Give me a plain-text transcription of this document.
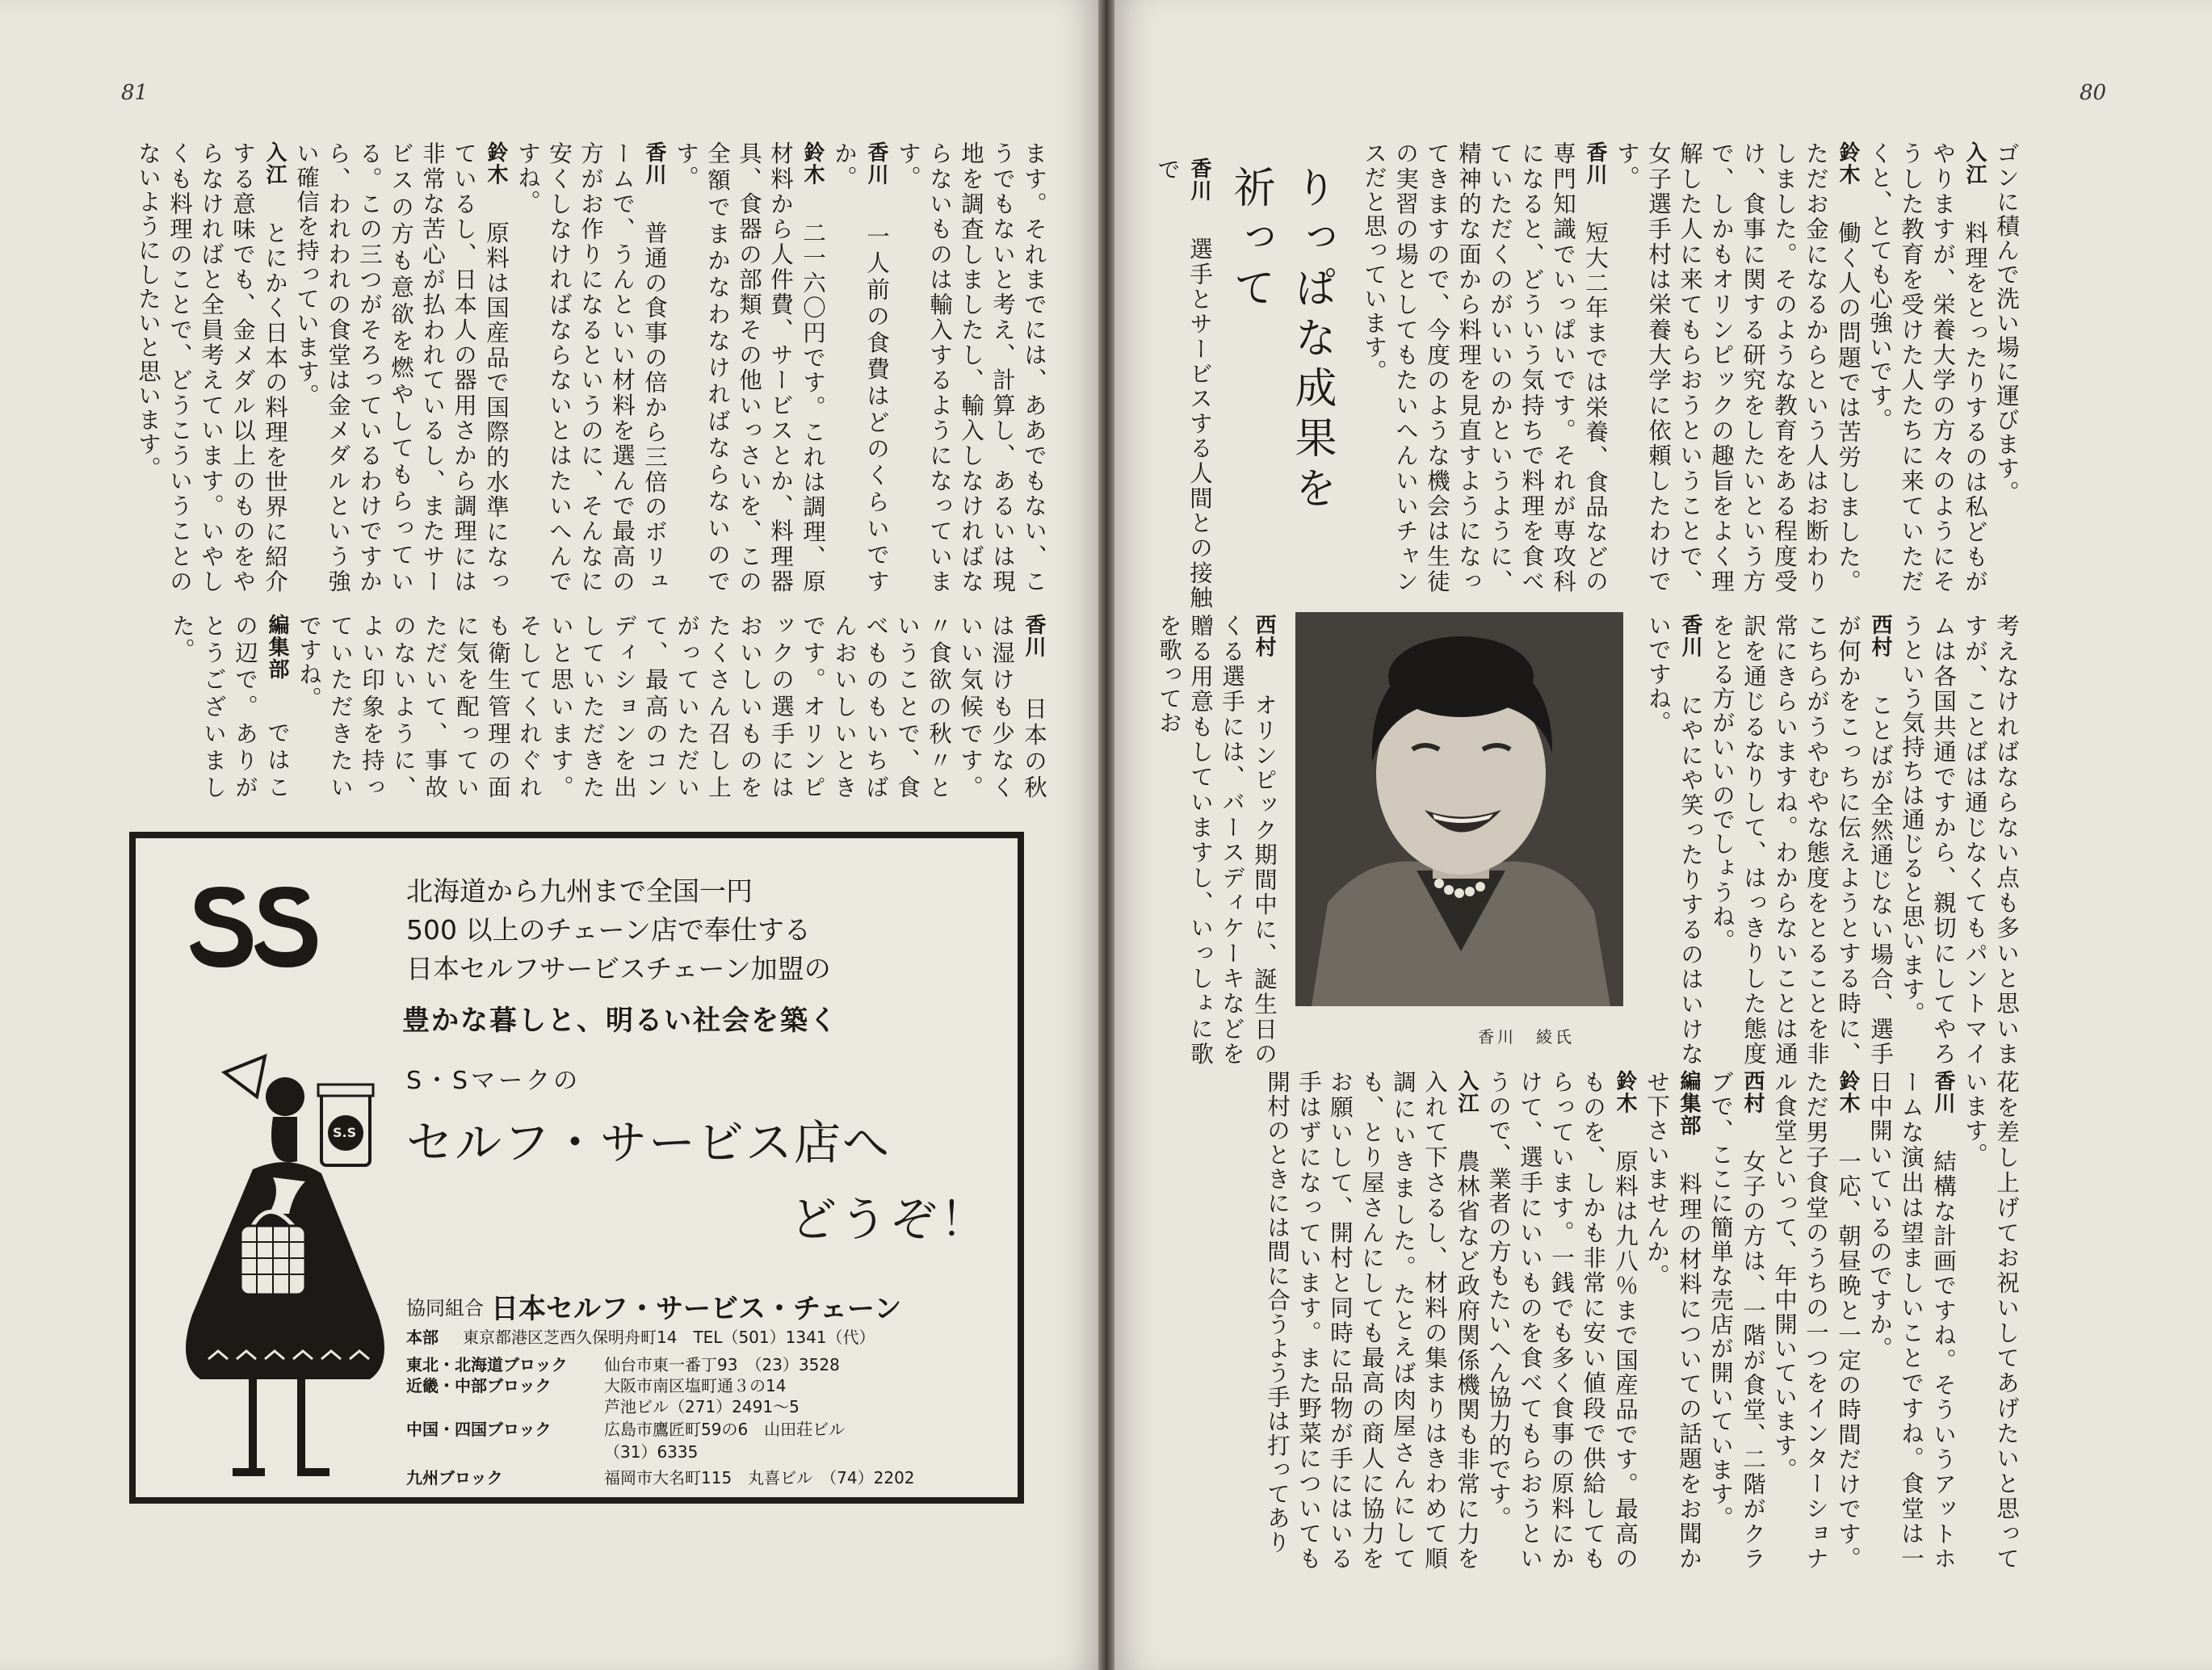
81	80

ゴンに積んで洗い場に運びます。

入江　料理をとったりするのは私どもがやりますが、栄養大学の方々のようにそうした教育を受けた人たちに来ていただくと、とても心強いです。

鈴木　働く人の問題では苦労しました。ただお金になるからという人はお断わりしました。そのような教育をある程度受け、食事に関する研究をしたいという方で、しかもオリンピックの趣旨をよく理解した人に来てもらおうということで、女子選手村は栄養大学に依頼したわけです。

香川　短大二年までは栄養、食品などの専門知識でいっぱいです。それが専攻科になると、どういう気持ちで料理を食べていただくのがいいのかというように、精神的な面から料理を見直すようになってきますので、今度のような機会は生徒の実習の場としてもたいへんいいチャンスだと思っています。

りっぱな成果を
祈って

香川　選手とサービスする人間との接触で

考えなければならない点も多いと思いますが、ことばは通じなくてもパントマイムは各国共通ですから、親切にしてやろうという気持ちは通じると思います。

西村　ことばが全然通じない場合、選手が何かをこっちに伝えようとする時に、こちらがうやむやな態度をとることを非常にきらいますね。わからないことは通訳を通じるなりして、はっきりした態度をとる方がいいのでしょうね。

香川　にやにや笑ったりするのはいけないですね。

西村　オリンピック期間中に、誕生日のくる選手には、バースディケーキなどを贈る用意もしていますし、いっしょに歌を歌ってお

香川　綾氏

花を差し上げてお祝いしてあげたいと思っています。

香川　結構な計画ですね。そういうアットホームな演出は望ましいことですね。食堂は一日中開いているのですか。

鈴木　一応、朝昼晩と一定の時間だけです。ただ男子食堂のうちの一つをインターショナル食堂といって、年中開いています。

西村　女子の方は、一階が食堂、二階がクラブで、ここに簡単な売店が開いています。

編集部　料理の材料についての話題をお聞かせ下さいませんか。

鈴木　原料は九八％まで国産品です。最高のものを、しかも非常に安い値段で供給してもらっています。一銭でも多く食事の原料にかけて、選手にいいものを食べてもらおうというので、業者の方もたいへん協力的です。

入江　農林省など政府関係機関も非常に力を入れて下さるし、材料の集まりはきわめて順調にいきました。たとえば肉屋さんにしても、とり屋さんにしても最高の商人に協力をお願いして、開村と同時に品物が手にはいる手はずになっています。また野菜についても開村のときには間に合うよう手は打ってあり

ます。それまでには、ああでもない、こうでもないと考え、計算し、あるいは現地を調査しましたし、輸入しなければならないものは輸入するようになっています。

香川　一人前の食費はどのくらいですか。

鈴木　二一六〇円です。これは調理、原材料から人件費、サービスとか、料理器具、食器の部類その他いっさいを、この全額でまかなわなければならないのです。

香川　普通の食事の倍から三倍のボリュームで、うんといい材料を選んで最高の方がお作りになるというのに、そんなに安くしなければならないとはたいへんですね。

鈴木　原料は国産品で国際的水準になっているし、日本人の器用さから調理には非常な苦心が払われているし、またサービスの方も意欲を燃やしてもらっている。この三つがそろっているわけですから、われわれの食堂は金メダルという強い確信を持っています。

入江　とにかく日本の料理を世界に紹介する意味でも、金メダル以上のものをやらなければと全員考えています。いやしくも料理のことで、どうこういうことのないようにしたいと思います。

香川　日本の秋は湿けも少なくいい気候です。〃食欲の秋〃ということで、食べものもいちばんおいしいときです。オリンピックの選手にはおいしいものをたくさん召し上がっていただいて、最高のコンディションを出していただきたいと思います。そしてくれぐれも衛生管理の面に気を配っていただいて、事故のないように、よい印象を持っていただきたいですね。

編集部　ではこの辺で。ありがとうございました。

北海道から九州まで全国一円
500 以上のチェーン店で奉仕する
日本セルフサービスチェーン加盟の
豊かな暮しと、明るい社会を築く
S・Sマークの
セルフ・サービス店へ
どうぞ！
S.S
協同組合 日本セルフ・サービス・チェーン
本部 東京都港区芝西久保明舟町14　TEL（501）1341（代）
東北・北海道ブロック 仙台市東一番丁93　（23）3528
近畿・中部ブロック	大阪市南区塩町通３の14
芦池ビル（271）2491～5
中国・四国ブロック	広島市鷹匠町59の6　山田荘ビル
（31）6335
九州ブロック	福岡市大名町115　丸喜ビル　（74）2202
